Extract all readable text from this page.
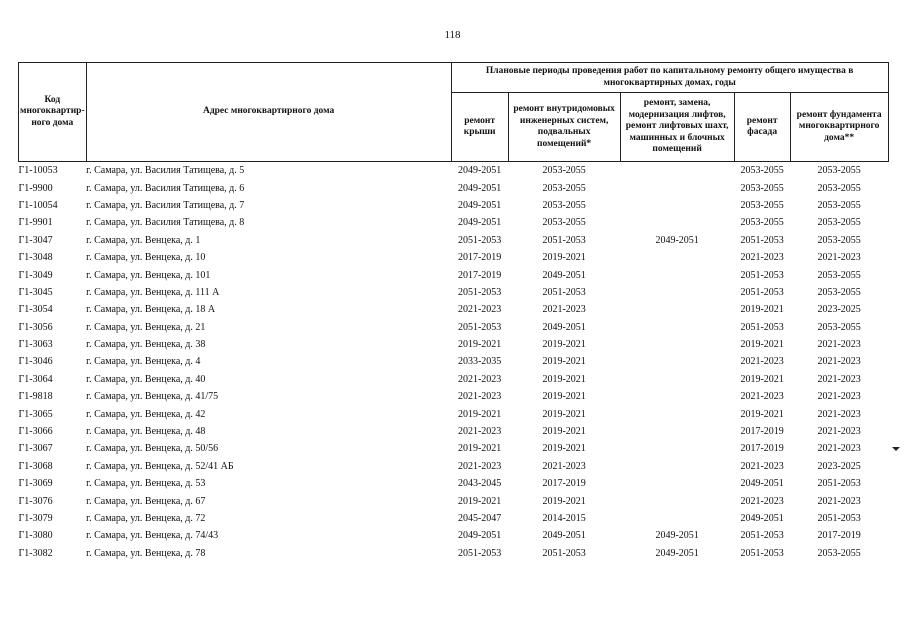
118
Код многоквартир-ного дома	Адрес многоквартирного дома	Плановые периоды проведения работ по капитальному ремонту общего имущества в многоквартирных домах, годы				
		ремонт крыши	ремонт внутридомовых инженерных систем, подвальных помещений*	ремонт, замена, модернизация лифтов, ремонт лифтовых шахт, машинных и блочных помещений	ремонт фасада	ремонт фундамента многоквартирного дома**
Г1-10053	г. Самара, ул. Василия Татищева, д. 5	2049-2051	2053-2055		2053-2055	2053-2055
Г1-9900	г. Самара, ул. Василия Татищева, д. 6	2049-2051	2053-2055		2053-2055	2053-2055
Г1-10054	г. Самара, ул. Василия Татищева, д. 7	2049-2051	2053-2055		2053-2055	2053-2055
Г1-9901	г. Самара, ул. Василия Татищева, д. 8	2049-2051	2053-2055		2053-2055	2053-2055
Г1-3047	г. Самара, ул. Венцека, д. 1	2051-2053	2051-2053	2049-2051	2051-2053	2053-2055
Г1-3048	г. Самара, ул. Венцека, д. 10	2017-2019	2019-2021		2021-2023	2021-2023
Г1-3049	г. Самара, ул. Венцека, д. 101	2017-2019	2049-2051		2051-2053	2053-2055
Г1-3045	г. Самара, ул. Венцека, д. 111 А	2051-2053	2051-2053		2051-2053	2053-2055
Г1-3054	г. Самара, ул. Венцека, д. 18 А	2021-2023	2021-2023		2019-2021	2023-2025
Г1-3056	г. Самара, ул. Венцека, д. 21	2051-2053	2049-2051		2051-2053	2053-2055
Г1-3063	г. Самара, ул. Венцека, д. 38	2019-2021	2019-2021		2019-2021	2021-2023
Г1-3046	г. Самара, ул. Венцека, д. 4	2033-2035	2019-2021		2021-2023	2021-2023
Г1-3064	г. Самара, ул. Венцека, д. 40	2021-2023	2019-2021		2019-2021	2021-2023
Г1-9818	г. Самара, ул. Венцека, д. 41/75	2021-2023	2019-2021		2021-2023	2021-2023
Г1-3065	г. Самара, ул. Венцека, д. 42	2019-2021	2019-2021		2019-2021	2021-2023
Г1-3066	г. Самара, ул. Венцека, д. 48	2021-2023	2019-2021		2017-2019	2021-2023
Г1-3067	г. Самара, ул. Венцека, д. 50/56	2019-2021	2019-2021		2017-2019	2021-2023
Г1-3068	г. Самара, ул. Венцека, д. 52/41 АБ	2021-2023	2021-2023		2021-2023	2023-2025
Г1-3069	г. Самара, ул. Венцека, д. 53	2043-2045	2017-2019		2049-2051	2051-2053
Г1-3076	г. Самара, ул. Венцека, д. 67	2019-2021	2019-2021		2021-2023	2021-2023
Г1-3079	г. Самара, ул. Венцека, д. 72	2045-2047	2014-2015		2049-2051	2051-2053
Г1-3080	г. Самара, ул. Венцека, д. 74/43	2049-2051	2049-2051	2049-2051	2051-2053	2017-2019
Г1-3082	г. Самара, ул. Венцека, д. 78	2051-2053	2051-2053	2049-2051	2051-2053	2053-2055
